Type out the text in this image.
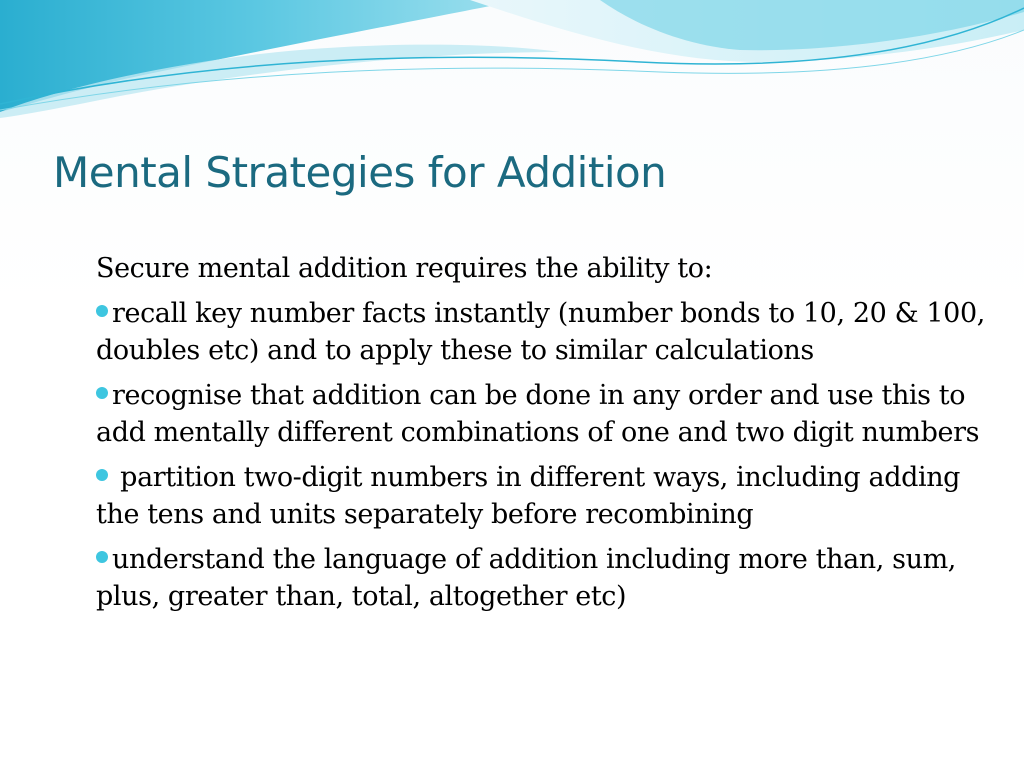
Mental Strategies for Addition

Secure mental addition requires the ability to:

recall key number facts instantly (number bonds to 10, 20 & 100, doubles etc) and to apply these to similar calculations
recognise that addition can be done in any order and use this to add mentally different combinations of one and two digit numbers
partition two-digit numbers in different ways, including adding the tens and units separately before recombining
understand the language of addition including more than, sum, plus, greater than, total, altogether etc)
